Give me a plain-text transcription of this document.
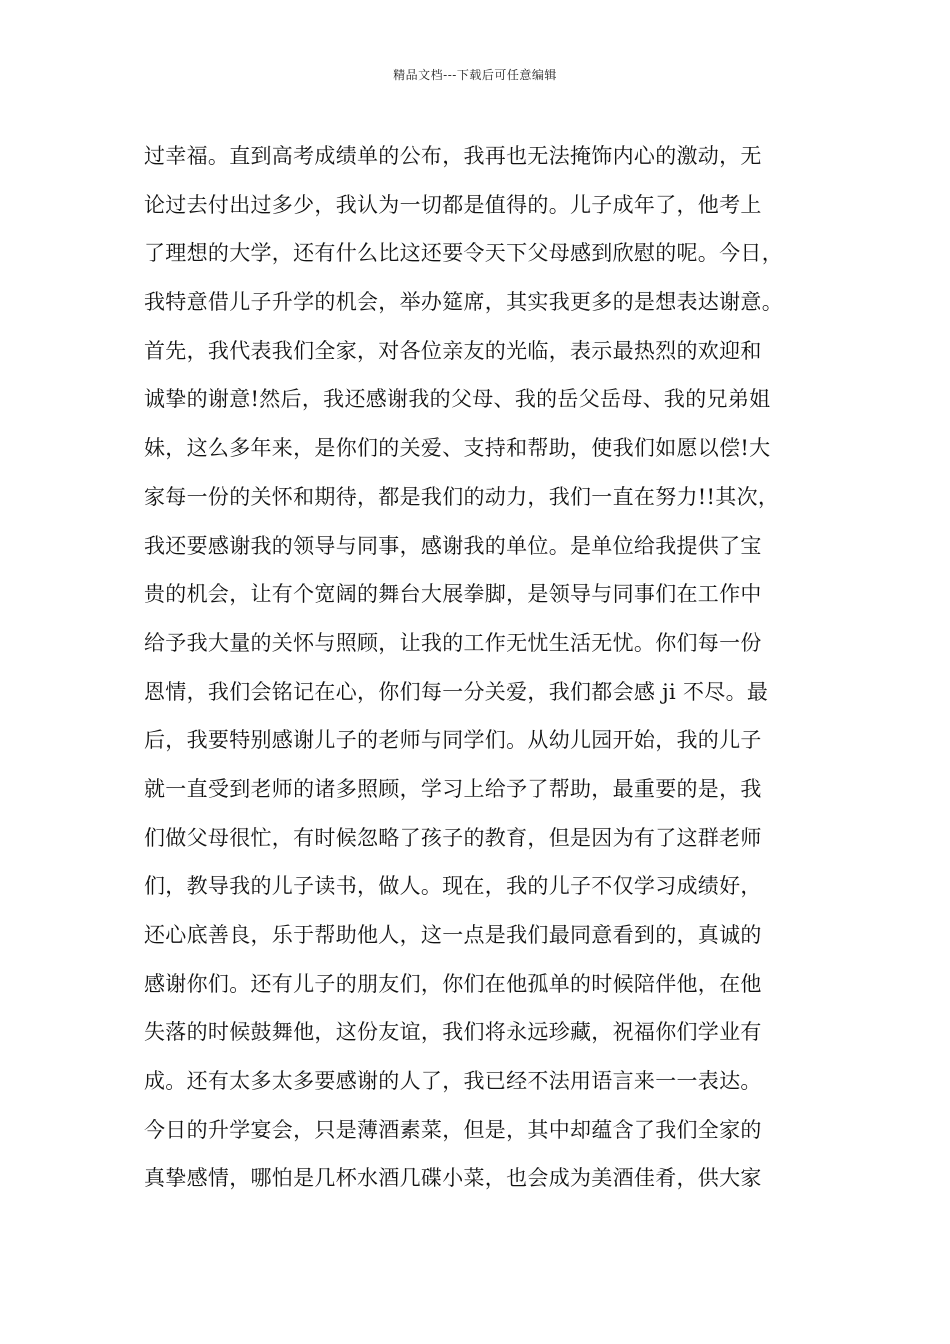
精品文档---下载后可任意编辑
过幸福。直到高考成绩单的公布，我再也无法掩饰内心的激动，无
论过去付出过多少，我认为一切都是值得的。儿子成年了，他考上
了理想的大学，还有什么比这还要令天下父母感到欣慰的呢。今日，
我特意借儿子升学的机会，举办筵席，其实我更多的是想表达谢意。
首先，我代表我们全家，对各位亲友的光临，表示最热烈的欢迎和
诚挚的谢意!然后，我还感谢我的父母、我的岳父岳母、我的兄弟姐
妹，这么多年来，是你们的关爱、支持和帮助，使我们如愿以偿!大
家每一份的关怀和期待，都是我们的动力，我们一直在努力!!其次，
我还要感谢我的领导与同事，感谢我的单位。是单位给我提供了宝
贵的机会，让有个宽阔的舞台大展拳脚，是领导与同事们在工作中
给予我大量的关怀与照顾，让我的工作无忧生活无忧。你们每一份
恩情，我们会铭记在心，你们每一分关爱，我们都会感 ji 不尽。最
后，我要特别感谢儿子的老师与同学们。从幼儿园开始，我的儿子
就一直受到老师的诸多照顾，学习上给予了帮助，最重要的是，我
们做父母很忙，有时候忽略了孩子的教育，但是因为有了这群老师
们，教导我的儿子读书，做人。现在，我的儿子不仅学习成绩好，
还心底善良，乐于帮助他人，这一点是我们最同意看到的，真诚的
感谢你们。还有儿子的朋友们，你们在他孤单的时候陪伴他，在他
失落的时候鼓舞他，这份友谊，我们将永远珍藏，祝福你们学业有
成。还有太多太多要感谢的人了，我已经不法用语言来一一表达。
今日的升学宴会，只是薄酒素菜，但是，其中却蕴含了我们全家的
真挚感情，哪怕是几杯水酒几碟小菜，也会成为美酒佳肴，供大家
